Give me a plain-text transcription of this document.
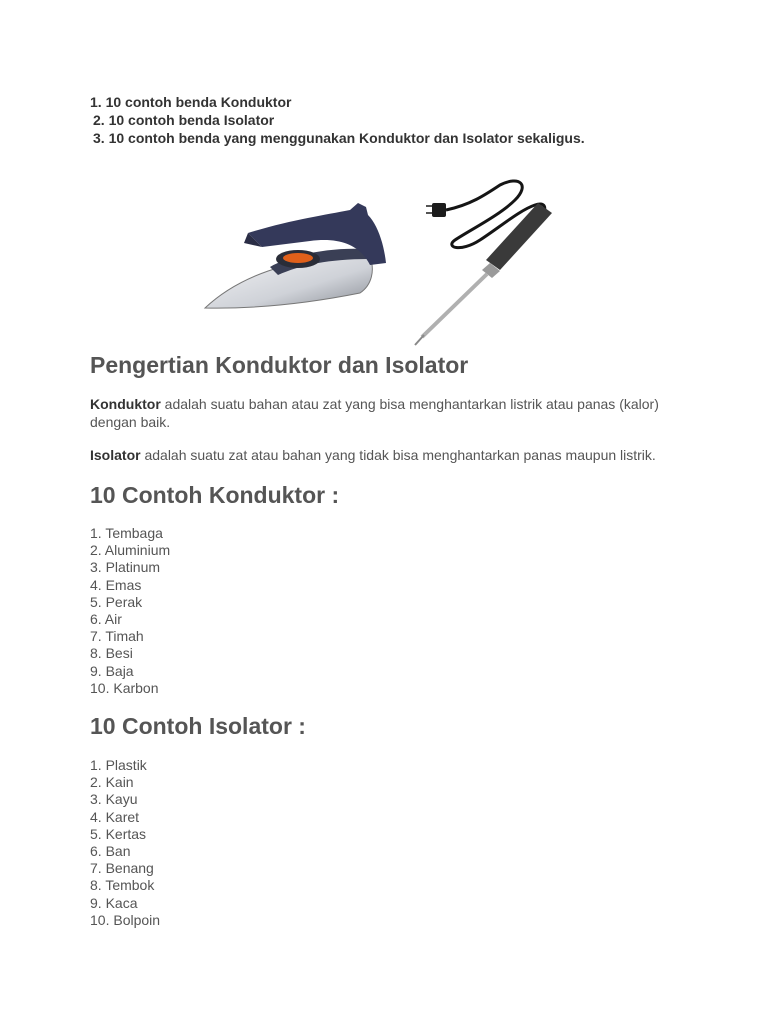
1. 10 contoh benda Konduktor
2. 10 contoh benda Isolator
3. 10 contoh benda yang menggunakan Konduktor dan Isolator sekaligus.
Pengertian Konduktor dan Isolator
Konduktor adalah suatu bahan atau zat yang bisa menghantarkan listrik atau panas (kalor) dengan baik.
Isolator adalah suatu zat atau bahan yang tidak bisa menghantarkan panas maupun listrik.
10 Contoh Konduktor :
1. Tembaga
2. Aluminium
3. Platinum
4. Emas
5. Perak
6. Air
7. Timah
8. Besi
9. Baja
10. Karbon
10 Contoh Isolator :
1. Plastik
2. Kain
3. Kayu
4. Karet
5. Kertas
6. Ban
7. Benang
8. Tembok
9. Kaca
10. Bolpoin
